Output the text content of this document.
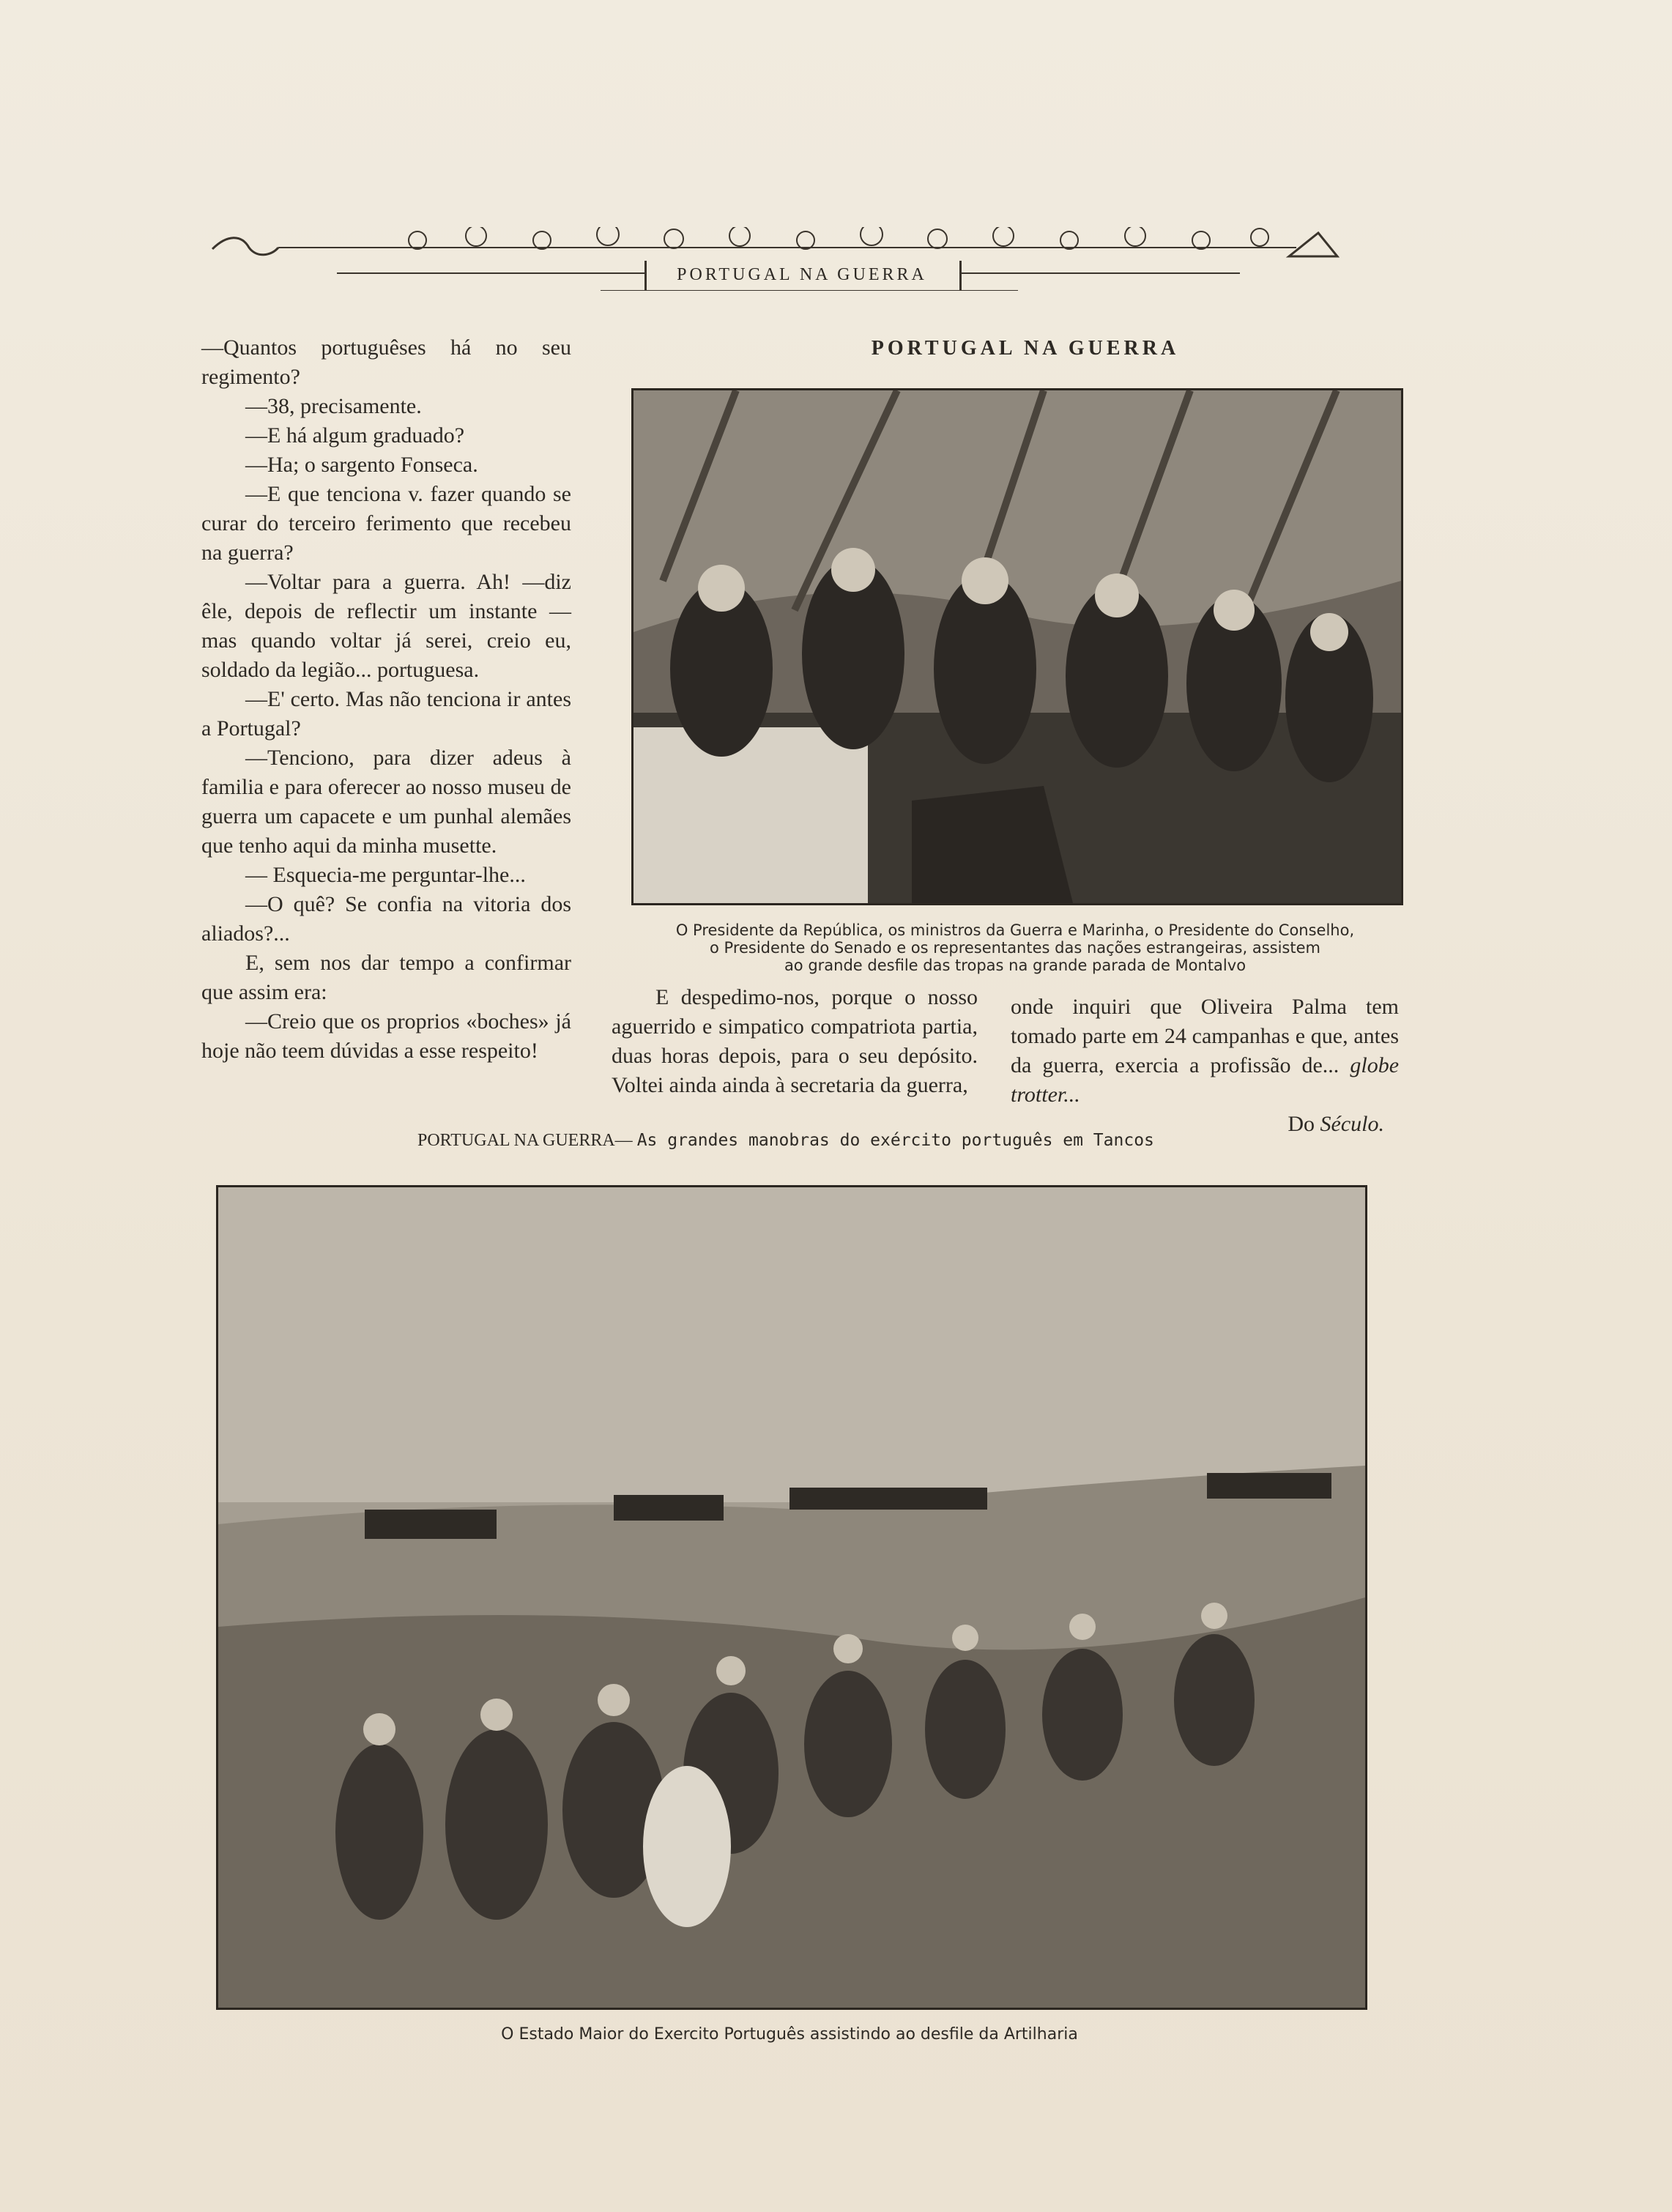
PORTUGAL NA GUERRA

—Quantos portuguêses há no seu regimento?

—38, precisamente.

—E há algum graduado?

—Ha; o sargento Fonseca.

—E que tenciona v. fazer quando se curar do terceiro ferimento que recebeu na guerra?

—Voltar para a guerra. Ah! —diz êle, depois de reflectir um instante — mas quando voltar já serei, creio eu, soldado da legião... portuguesa.

—E' certo. Mas não tenciona ir antes a Portugal?

—Tenciono, para dizer adeus à familia e para oferecer ao nosso museu de guerra um capacete e um punhal alemães que tenho aqui da minha musette.

— Esquecia-me perguntar-lhe...

—O quê? Se confia na vitoria dos aliados?...

E, sem nos dar tempo a confirmar que assim era:

—Creio que os proprios «boches» já hoje não teem dúvidas a esse respeito!

PORTUGAL NA GUERRA
O Presidente da República, os ministros da Guerra e Marinha, o Presidente do Conselho,
o Presidente do Senado e os representantes das nações estrangeiras, assistem
ao grande desfile das tropas na grande parada de Montalvo
E despedimo-nos, porque o nosso aguerrido e simpatico compatriota partia, duas horas depois, para o seu depósito. Voltei ainda ainda à secretaria da guerra,
onde inquiri que Oliveira Palma tem tomado parte em 24 campanhas e que, antes da guerra, exercia a profissão de... globe trotter...
Do Século.
PORTUGAL NA GUERRA— As grandes manobras do exército português em Tancos
O Estado Maior do Exercito Português assistindo ao desfile da Artilharia
